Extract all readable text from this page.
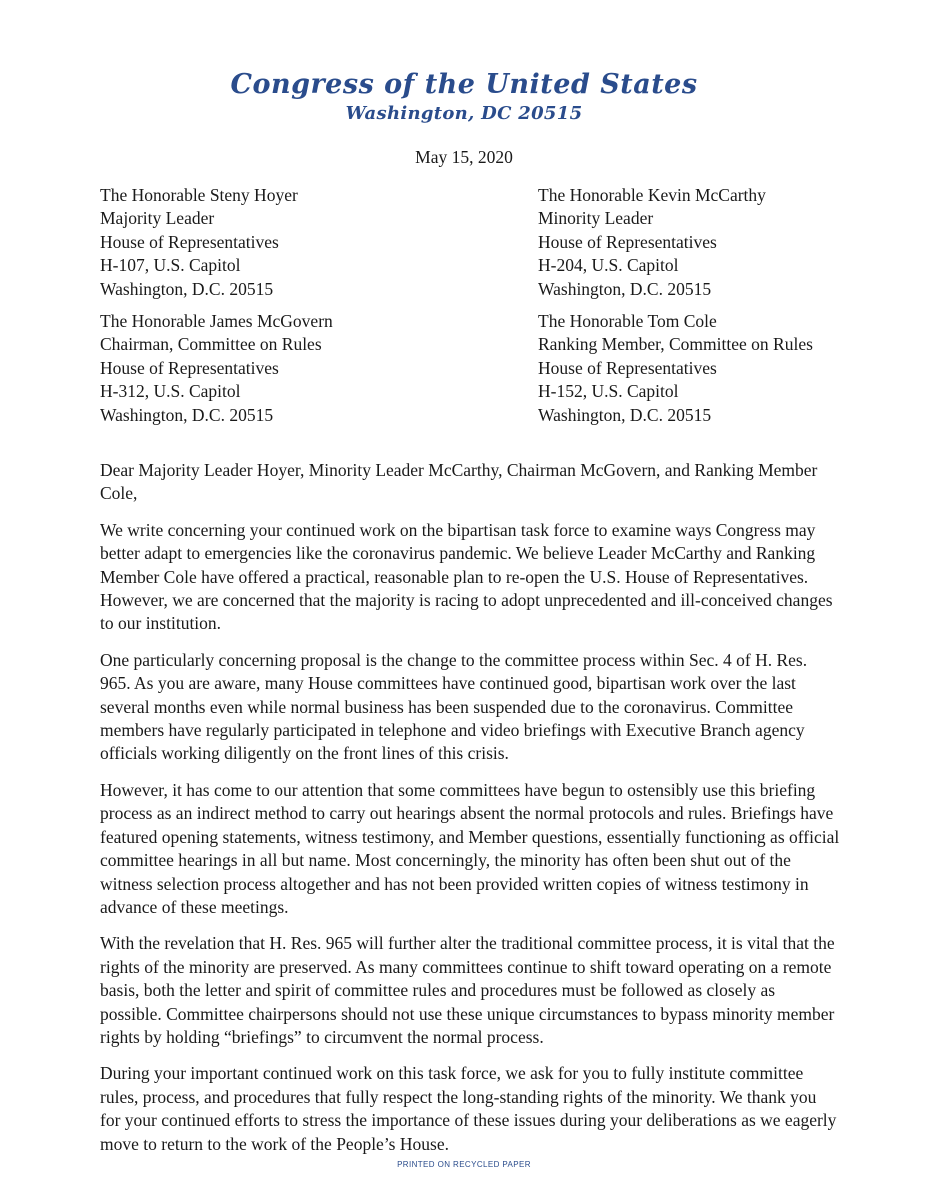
Congress of the United States
Washington, DC 20515
May 15, 2020
The Honorable Steny Hoyer
Majority Leader
House of Representatives
H-107, U.S. Capitol
Washington, D.C. 20515
The Honorable Kevin McCarthy
Minority Leader
House of Representatives
H-204, U.S. Capitol
Washington, D.C. 20515
The Honorable James McGovern
Chairman, Committee on Rules
House of Representatives
H-312, U.S. Capitol
Washington, D.C. 20515
The Honorable Tom Cole
Ranking Member, Committee on Rules
House of Representatives
H-152, U.S. Capitol
Washington, D.C. 20515

Dear Majority Leader Hoyer, Minority Leader McCarthy, Chairman McGovern, and Ranking Member Cole,

We write concerning your continued work on the bipartisan task force to examine ways Congress may better adapt to emergencies like the coronavirus pandemic. We believe Leader McCarthy and Ranking Member Cole have offered a practical, reasonable plan to re-open the U.S. House of Representatives. However, we are concerned that the majority is racing to adopt unprecedented and ill-conceived changes to our institution.

One particularly concerning proposal is the change to the committee process within Sec. 4 of H. Res. 965. As you are aware, many House committees have continued good, bipartisan work over the last several months even while normal business has been suspended due to the coronavirus. Committee members have regularly participated in telephone and video briefings with Executive Branch agency officials working diligently on the front lines of this crisis.

However, it has come to our attention that some committees have begun to ostensibly use this briefing process as an indirect method to carry out hearings absent the normal protocols and rules. Briefings have featured opening statements, witness testimony, and Member questions, essentially functioning as official committee hearings in all but name. Most concerningly, the minority has often been shut out of the witness selection process altogether and has not been provided written copies of witness testimony in advance of these meetings.

With the revelation that H. Res. 965 will further alter the traditional committee process, it is vital that the rights of the minority are preserved. As many committees continue to shift toward operating on a remote basis, both the letter and spirit of committee rules and procedures must be followed as closely as possible. Committee chairpersons should not use these unique circumstances to bypass minority member rights by holding “briefings” to circumvent the normal process.

During your important continued work on this task force, we ask for you to fully institute committee rules, process, and procedures that fully respect the long-standing rights of the minority. We thank you for your continued efforts to stress the importance of these issues during your deliberations as we eagerly move to return to the work of the People’s House.

PRINTED ON RECYCLED PAPER
